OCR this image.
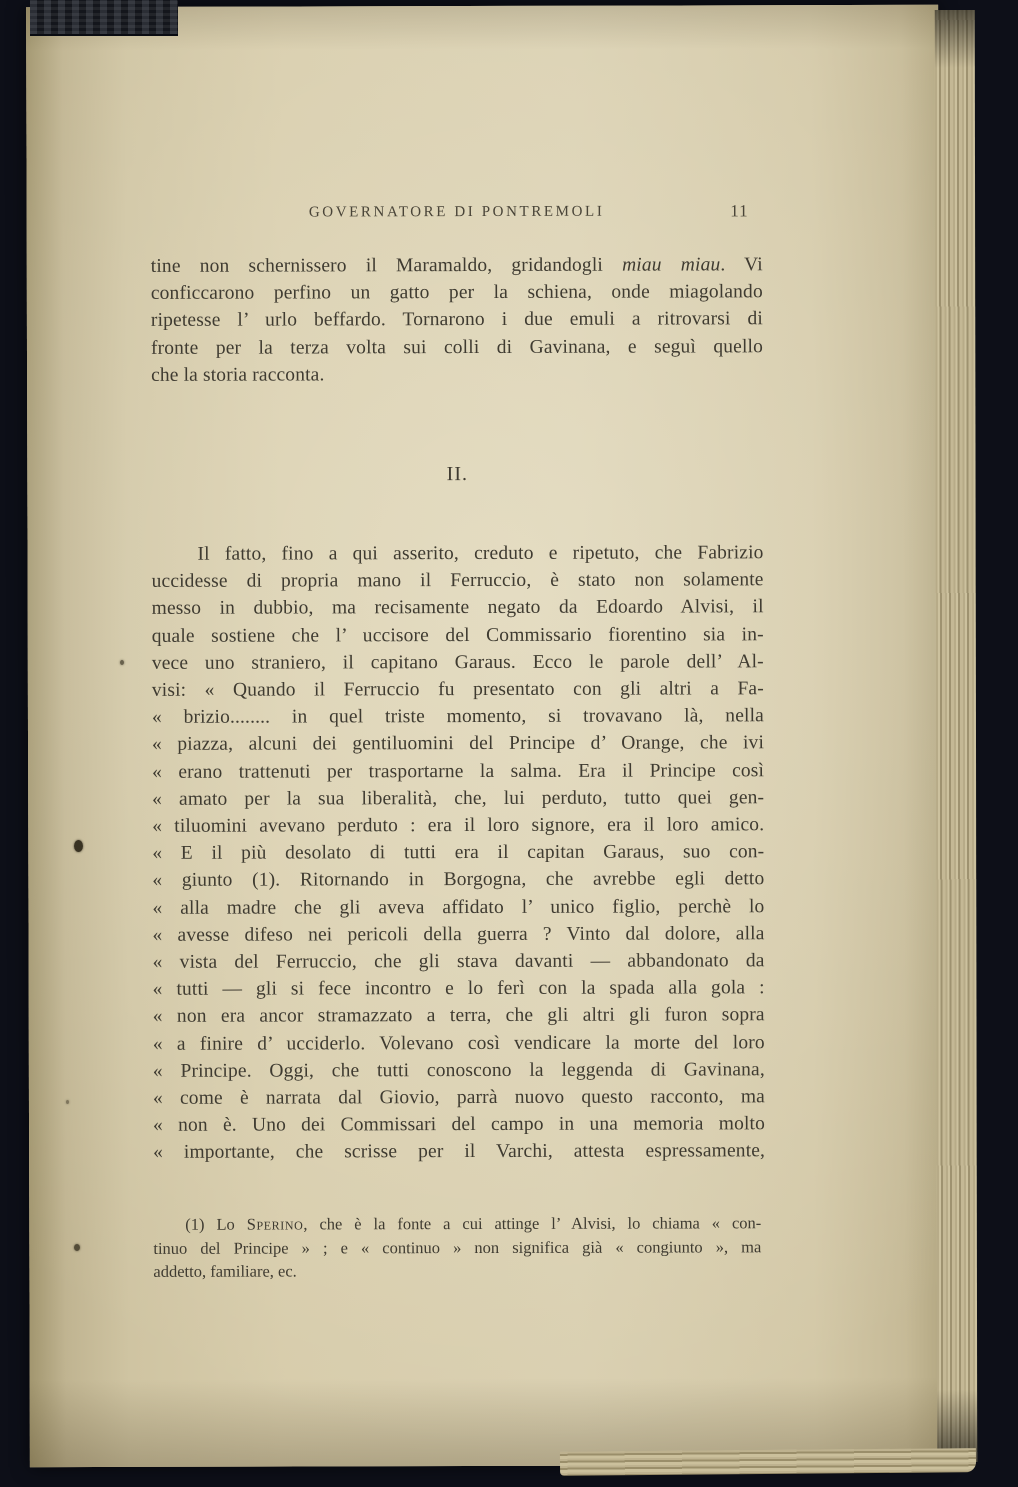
GOVERNATORE DI PONTREMOLI	11
tine non schernissero il Maramaldo, gridandogli miau miau. Vi
conficcarono perfino un gatto per la schiena, onde miagolando
ripetesse l’ urlo beffardo. Tornarono i due emuli a ritrovarsi di
fronte per la terza volta sui colli di Gavinana, e seguì quello
che la storia racconta.
II.
Il fatto, fino a qui asserito, creduto e ripetuto, che Fabrizio
uccidesse di propria mano il Ferruccio, è stato non solamente
messo in dubbio, ma recisamente negato da Edoardo Alvisi, il
quale sostiene che l’ uccisore del Commissario fiorentino sia in-
vece uno straniero, il capitano Garaus. Ecco le parole dell’ Al-
visi: « Quando il Ferruccio fu presentato con gli altri a Fa-
« brizio........ in quel triste momento, si trovavano là, nella
« piazza, alcuni dei gentiluomini del Principe d’ Orange, che ivi
« erano trattenuti per trasportarne la salma. Era il Principe così
« amato per la sua liberalità, che, lui perduto, tutto quei gen-
« tiluomini avevano perduto : era il loro signore, era il loro amico.
« E il più desolato di tutti era il capitan Garaus, suo con-
« giunto (1). Ritornando in Borgogna, che avrebbe egli detto
« alla madre che gli aveva affidato l’ unico figlio, perchè lo
« avesse difeso nei pericoli della guerra ? Vinto dal dolore, alla
« vista del Ferruccio, che gli stava davanti — abbandonato da
« tutti — gli si fece incontro e lo ferì con la spada alla gola :
« non era ancor stramazzato a terra, che gli altri gli furon sopra
« a finire d’ ucciderlo. Volevano così vendicare la morte del loro
« Principe. Oggi, che tutti conoscono la leggenda di Gavinana,
« come è narrata dal Giovio, parrà nuovo questo racconto, ma
« non è. Uno dei Commissari del campo in una memoria molto
« importante, che scrisse per il Varchi, attesta espressamente,
(1) Lo Sperino, che è la fonte a cui attinge l’ Alvisi, lo chiama « con-
tinuo del Principe » ; e « continuo » non significa già « congiunto », ma
addetto, familiare, ec.
